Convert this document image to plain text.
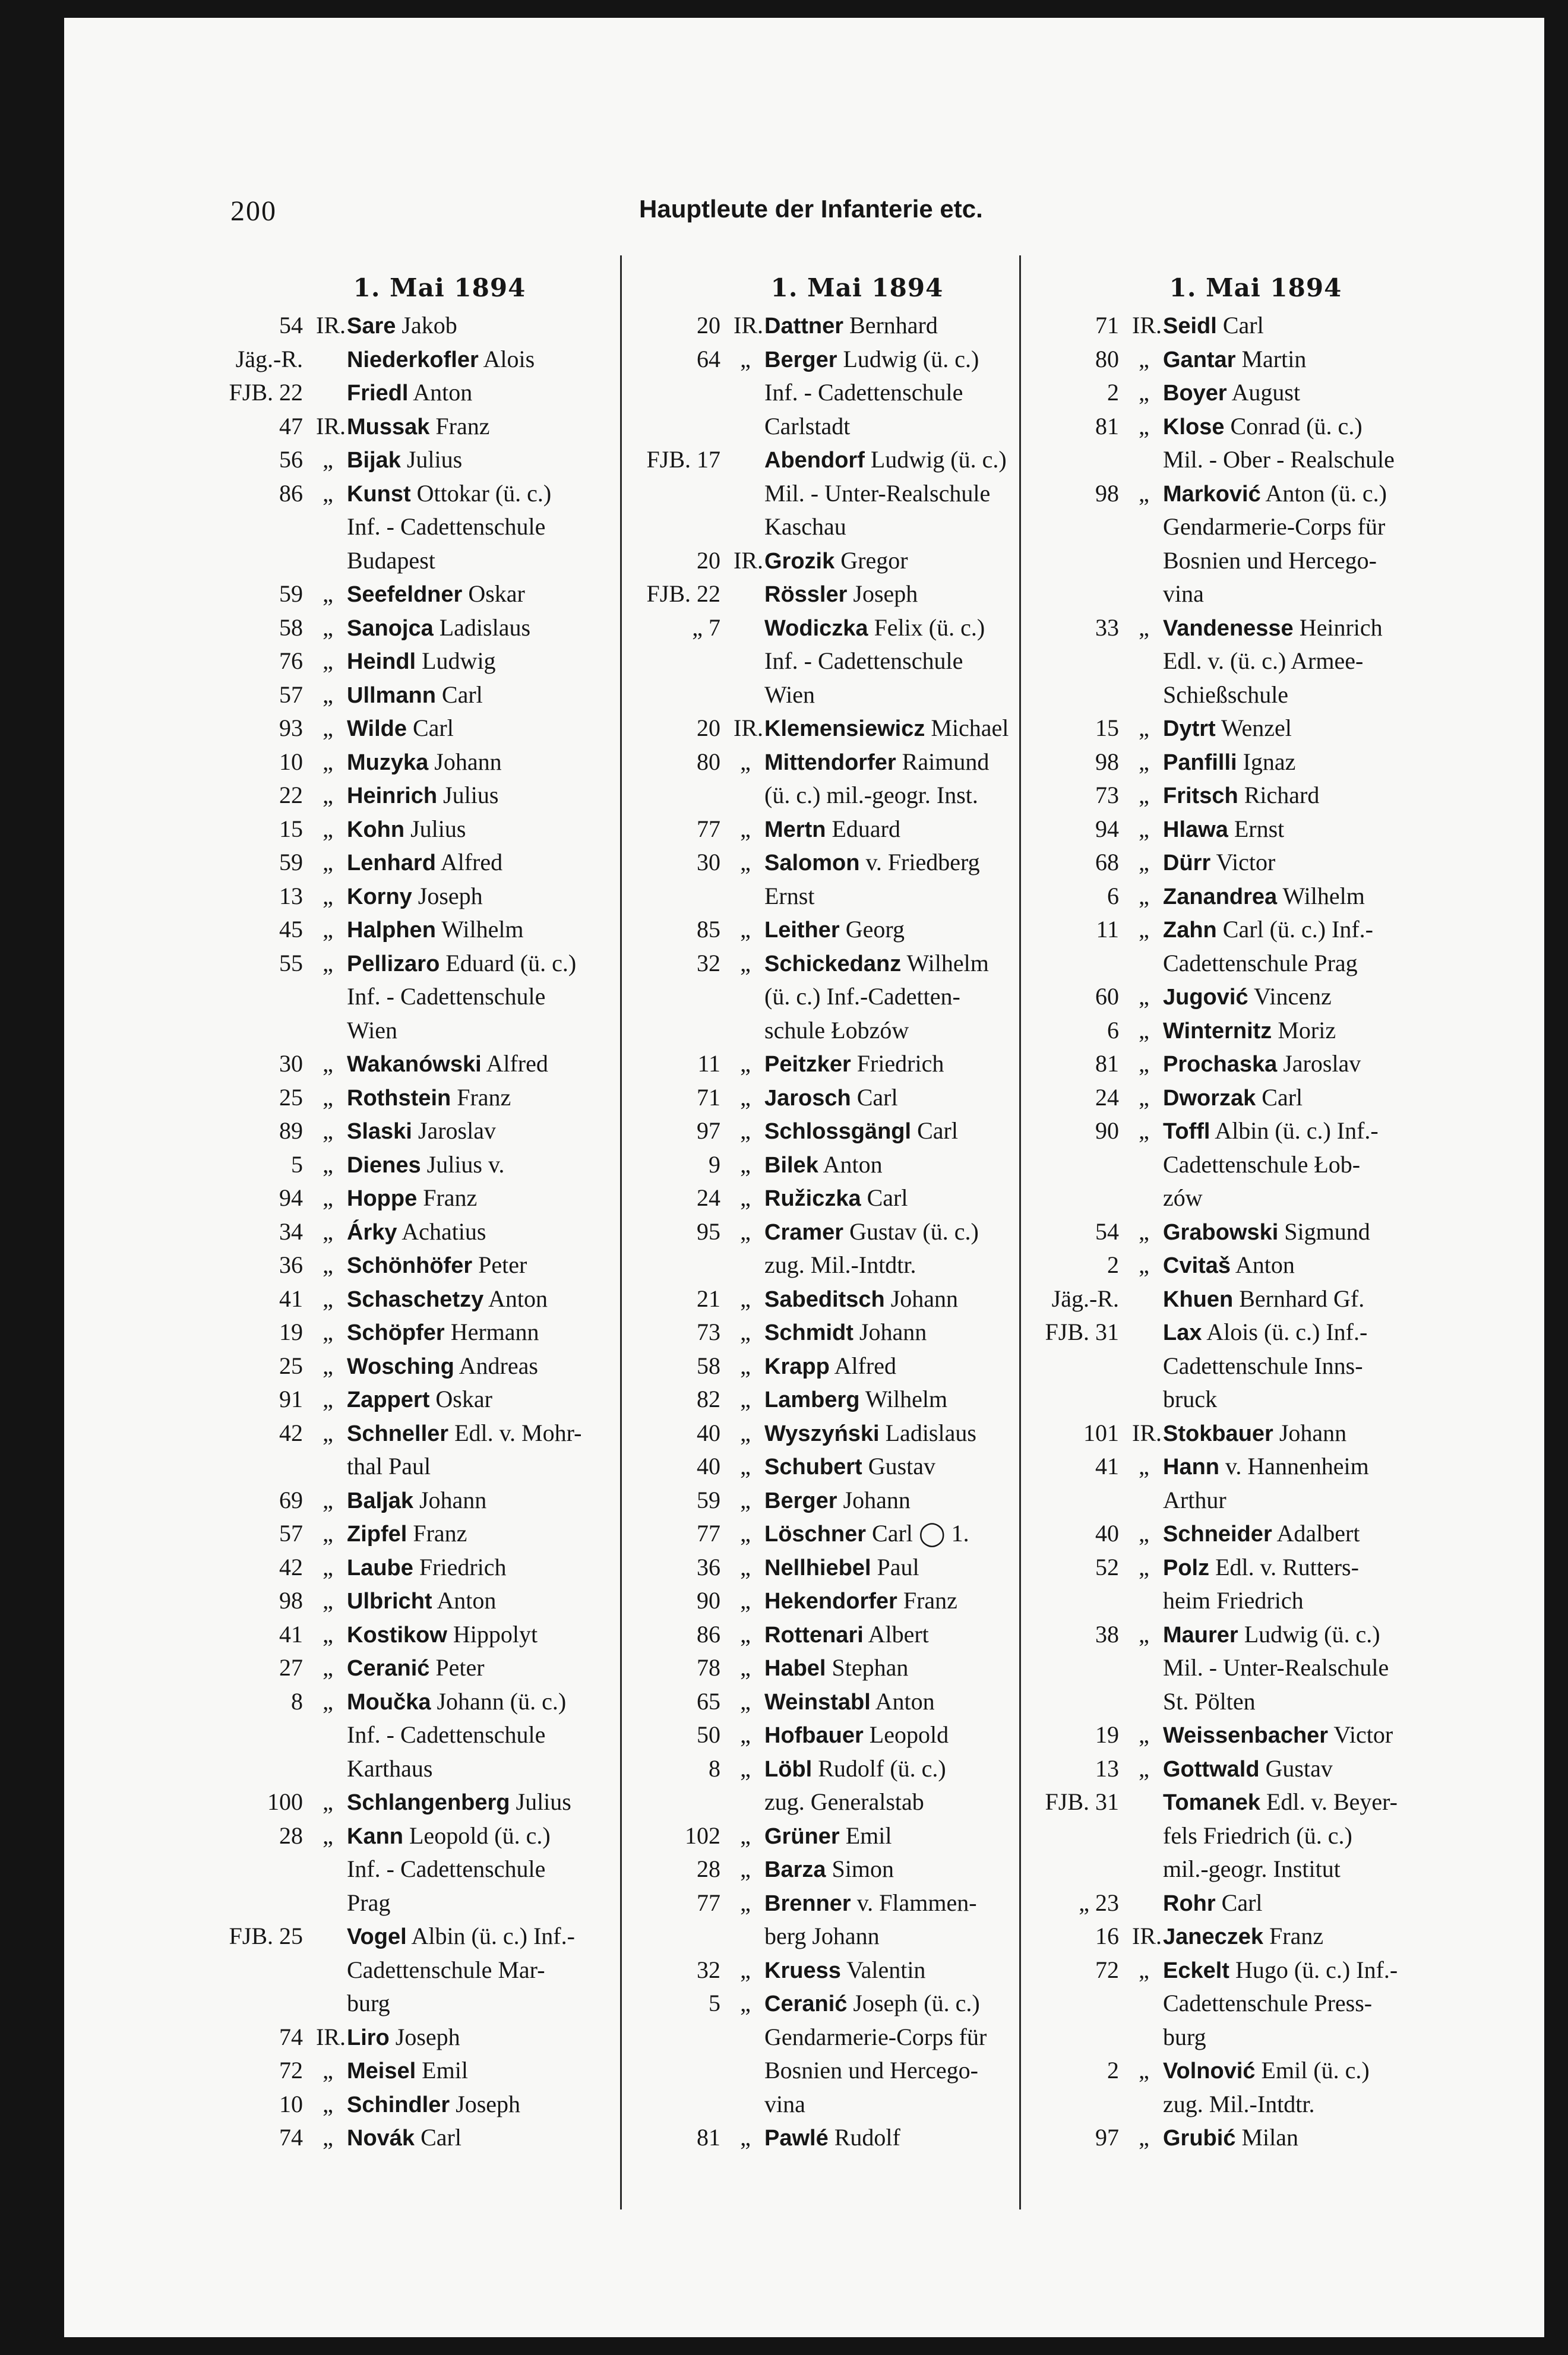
200	Hauptleute der Infanterie etc.
1. Mai 1894
54 IR. Sare Jakob
Jäg.-R. Niederkofler Alois
FJB. 22 Friedl Anton
47 IR. Mussak Franz
56 „ Bijak Julius
86 „ Kunst Ottokar (ü. c.)
Inf. - Cadettenschule
Budapest
59 „ Seefeldner Oskar
58 „ Sanojca Ladislaus
76 „ Heindl Ludwig
57 „ Ullmann Carl
93 „ Wilde Carl
10 „ Muzyka Johann
22 „ Heinrich Julius
15 „ Kohn Julius
59 „ Lenhard Alfred
13 „ Korny Joseph
45 „ Halphen Wilhelm
55 „ Pellizaro Eduard (ü. c.)
Inf. - Cadettenschule
Wien
30 „ Wakanówski Alfred
25 „ Rothstein Franz
89 „ Slaski Jaroslav
5 „ Dienes Julius v.
94 „ Hoppe Franz
34 „ Árky Achatius
36 „ Schönhöfer Peter
41 „ Schaschetzy Anton
19 „ Schöpfer Hermann
25 „ Wosching Andreas
91 „ Zappert Oskar
42 „ Schneller Edl. v. Mohr-
thal Paul
69 „ Baljak Johann
57 „ Zipfel Franz
42 „ Laube Friedrich
98 „ Ulbricht Anton
41 „ Kostikow Hippolyt
27 „ Ceranić Peter
8 „ Moučka Johann (ü. c.)
Inf. - Cadettenschule
Karthaus
100 „ Schlangenberg Julius
28 „ Kann Leopold (ü. c.)
Inf. - Cadettenschule
Prag
FJB. 25 Vogel Albin (ü. c.) Inf.-
Cadettenschule Mar-
burg
74 IR. Liro Joseph
72 „ Meisel Emil
10 „ Schindler Joseph
74 „ Novák Carl
1. Mai 1894
20 IR. Dattner Bernhard
64 „ Berger Ludwig (ü. c.)
Inf. - Cadettenschule
Carlstadt
FJB. 17 Abendorf Ludwig (ü. c.)
Mil. - Unter-Realschule
Kaschau
20 IR. Grozik Gregor
FJB. 22 Rössler Joseph
„ 7 Wodiczka Felix (ü. c.)
Inf. - Cadettenschule
Wien
20 IR. Klemensiewicz Michael
80 „ Mittendorfer Raimund
(ü. c.) mil.-geogr. Inst.
77 „ Mertn Eduard
30 „ Salomon v. Friedberg
Ernst
85 „ Leither Georg
32 „ Schickedanz Wilhelm
(ü. c.) Inf.-Cadetten-
schule Łobzów
11 „ Peitzker Friedrich
71 „ Jarosch Carl
97 „ Schlossgängl Carl
9 „ Bilek Anton
24 „ Ružiczka Carl
95 „ Cramer Gustav (ü. c.)
zug. Mil.-Intdtr.
21 „ Sabeditsch Johann
73 „ Schmidt Johann
58 „ Krapp Alfred
82 „ Lamberg Wilhelm
40 „ Wyszyński Ladislaus
40 „ Schubert Gustav
59 „ Berger Johann
77 „ Löschner Carl ◯ 1.
36 „ Nellhiebel Paul
90 „ Hekendorfer Franz
86 „ Rottenari Albert
78 „ Habel Stephan
65 „ Weinstabl Anton
50 „ Hofbauer Leopold
8 „ Löbl Rudolf (ü. c.)
zug. Generalstab
102 „ Grüner Emil
28 „ Barza Simon
77 „ Brenner v. Flammen-
berg Johann
32 „ Kruess Valentin
5 „ Ceranić Joseph (ü. c.)
Gendarmerie-Corps für
Bosnien und Hercego-
vina
81 „ Pawlé Rudolf
1. Mai 1894
71 IR. Seidl Carl
80 „ Gantar Martin
2 „ Boyer August
81 „ Klose Conrad (ü. c.)
Mil. - Ober - Realschule
98 „ Marković Anton (ü. c.)
Gendarmerie-Corps für
Bosnien und Hercego-
vina
33 „ Vandenesse Heinrich
Edl. v. (ü. c.) Armee-
Schießschule
15 „ Dytrt Wenzel
98 „ Panfilli Ignaz
73 „ Fritsch Richard
94 „ Hlawa Ernst
68 „ Dürr Victor
6 „ Zanandrea Wilhelm
11 „ Zahn Carl (ü. c.) Inf.-
Cadettenschule Prag
60 „ Jugović Vincenz
6 „ Winternitz Moriz
81 „ Prochaska Jaroslav
24 „ Dworzak Carl
90 „ Toffl Albin (ü. c.) Inf.-
Cadettenschule Łob-
zów
54 „ Grabowski Sigmund
2 „ Cvitaš Anton
Jäg.-R. Khuen Bernhard Gf.
FJB. 31 Lax Alois (ü. c.) Inf.-
Cadettenschule Inns-
bruck
101 IR. Stokbauer Johann
41 „ Hann v. Hannenheim
Arthur
40 „ Schneider Adalbert
52 „ Polz Edl. v. Rutters-
heim Friedrich
38 „ Maurer Ludwig (ü. c.)
Mil. - Unter-Realschule
St. Pölten
19 „ Weissenbacher Victor
13 „ Gottwald Gustav
FJB. 31 Tomanek Edl. v. Beyer-
fels Friedrich (ü. c.)
mil.-geogr. Institut
„ 23 Rohr Carl
16 IR. Janeczek Franz
72 „ Eckelt Hugo (ü. c.) Inf.-
Cadettenschule Press-
burg
2 „ Volnović Emil (ü. c.)
zug. Mil.-Intdtr.
97 „ Grubić Milan
